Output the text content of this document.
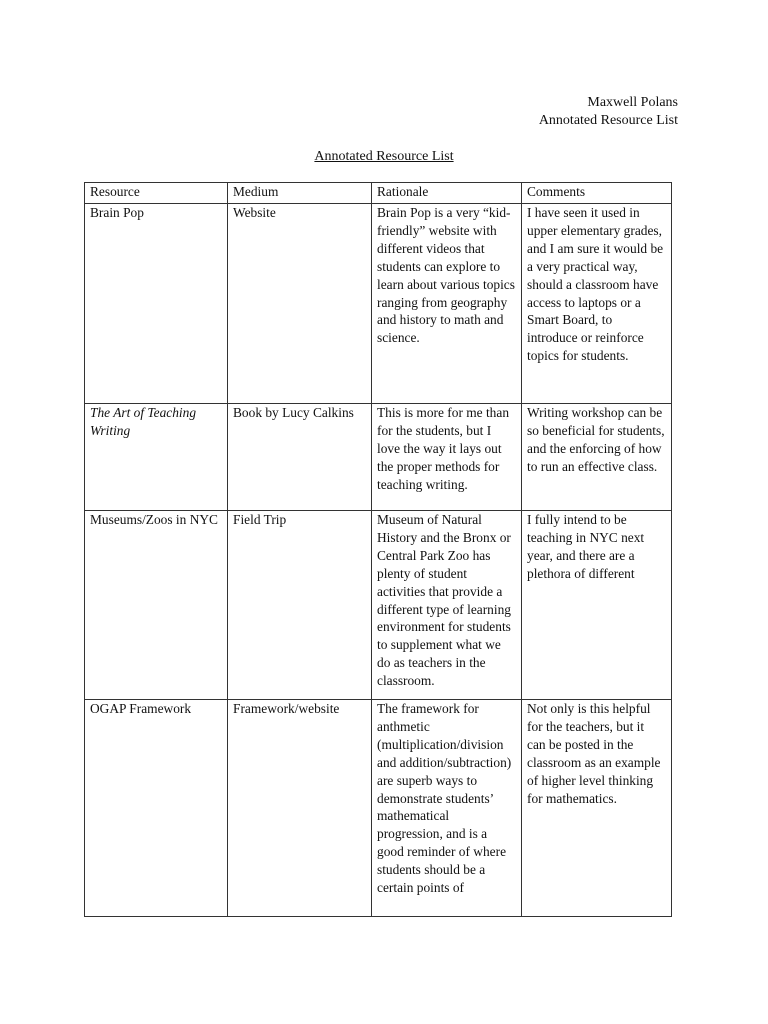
Maxwell Polans
Annotated Resource List
Annotated Resource List
Resource	Medium	Rationale	Comments
Brain Pop	Website	Brain Pop is a very “kid-friendly” website with different videos that students can explore to learn about various topics ranging from geography and history to math and science.	I have seen it used in upper elementary grades, and I am sure it would be a very practical way, should a classroom have access to laptops or a Smart Board, to introduce or reinforce topics for students.
The Art of Teaching Writing	Book by Lucy Calkins	This is more for me than for the students, but I love the way it lays out the proper methods for teaching writing.	Writing workshop can be so beneficial for students, and the enforcing of how to run an effective class.

Museums/Zoos in NYC	Field Trip	Museum of Natural History and the Bronx or Central Park Zoo has plenty of student activities that provide a different type of learning environment for students to supplement what we do as teachers in the classroom.	I fully intend to be teaching in NYC next year, and there are a plethora of different
OGAP Framework	Framework/website	The framework for anthmetic (multiplication/division and addition/subtraction) are superb ways to demonstrate students’ mathematical progression, and is a good reminder of where students should be a certain points of	Not only is this helpful for the teachers, but it can be posted in the classroom as an example of higher level thinking for mathematics.
